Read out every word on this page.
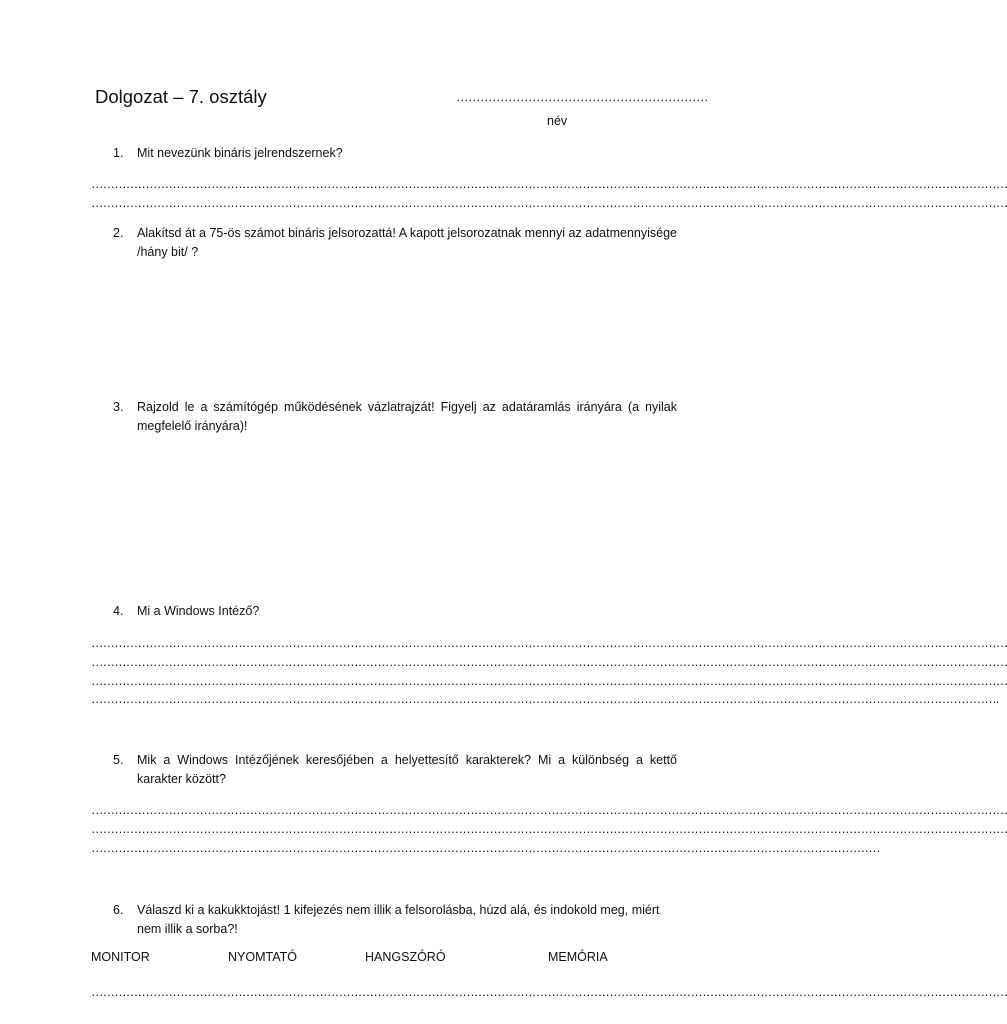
Dolgozat – 7. osztály	………………………………………………………
név
1. Mit nevezünk bináris jelrendszernek?
…………………………………………………………………………………………………………………………………………………………………………………………………………………
…………………………………………………………………………………………………………………………………………………………………………………………………………………
2. Alakítsd át a 75-ös számot bináris jelsorozattá! A kapott jelsorozatnak mennyi az adatmennyisége /hány bit/ ?
3. Rajzold le a számítógép működésének vázlatrajzát! Figyelj az adatáramlás irányára (a nyilak megfelelő irányára)!
4. Mi a Windows Intéző?
…………………………………………………………………………………………………………………………………………………………………………………………………………………
…………………………………………………………………………………………………………………………………………………………………………………………………………………
…………………………………………………………………………………………………………………………………………………………………………………………………………………
……………………………………………………………………………………………………………………………………………………………………………………………………………….
5. Mik a Windows Intézőjének keresőjében a helyettesítő karakterek? Mi a különbség a kettő karakter között?
…………………………………………………………………………………………………………………………………………………………………………………………………………………
…………………………………………………………………………………………………………………………………………………………………………………………………………………
……………………………………………………………………………………………………………………………………………………………………………………
6. Válaszd ki a kakukktojást! 1 kifejezés nem illik a felsorolásba, húzd alá, és indokold meg, miért nem illik a sorba?!
MONITOR	NYOMTATÓ	HANGSZÓRÓ	MEMÓRIA
…………………………………………………………………………………………………………………………………………………………………………………………………………………
